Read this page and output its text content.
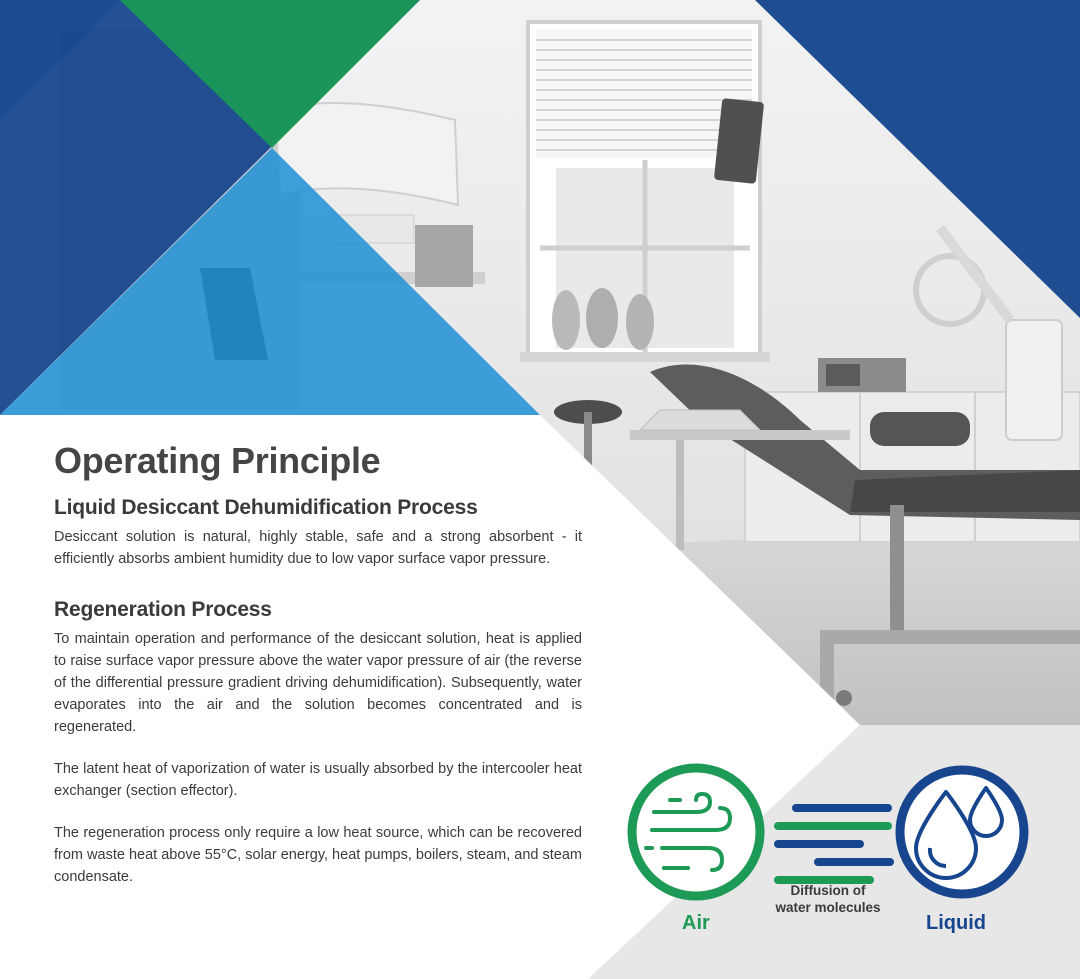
Operating Principle
Liquid Desiccant Dehumidification Process

Desiccant solution is natural, highly stable, safe and a strong absorbent - it efficiently absorbs ambient humidity due to low vapor surface vapor pressure.

Regeneration Process

To maintain operation and performance of the desiccant solution, heat is applied to raise surface vapor pressure above the water vapor pressure of air (the reverse of the differential pressure gradient driving dehumidification). Subsequently, water evaporates into the air and the solution becomes concentrated and is regenerated.

The latent heat of vaporization of water is usually absorbed by the intercooler heat exchanger (section effector).

The regeneration process only require a low heat source, which can be recovered from waste heat above 55°C, solar energy, heat pumps, boilers, steam, and steam condensate.

Diffusion of
water molecules
Air	Liquid
